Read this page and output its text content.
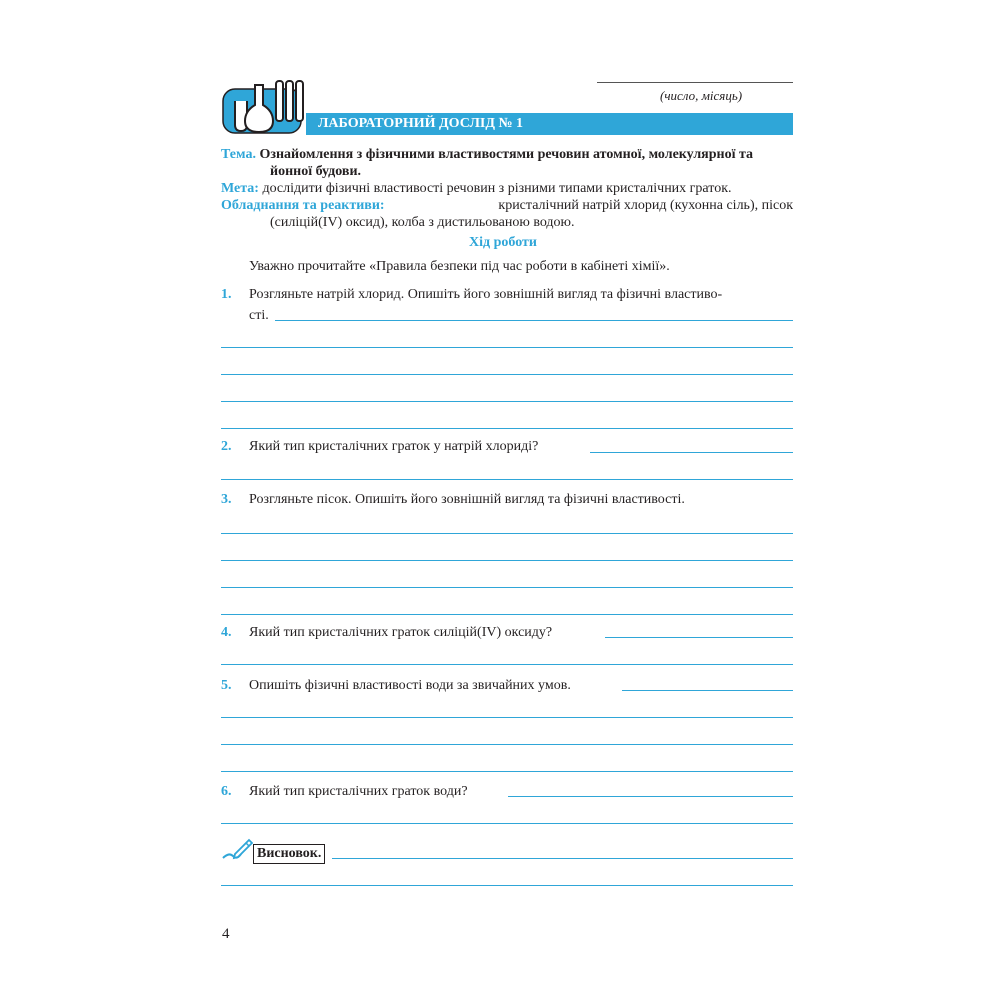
(число, місяць)
ЛАБОРАТОРНИЙ ДОСЛІД № 1
Тема. Ознайомлення з фізичними властивостями речовин атомної, молекулярної та
йонної будови.
Мета: дослідити фізичні властивості речовин з різними типами кристалічних граток.
Обладнання та реактиви:	кристалічний натрій хлорид (кухонна сіль), пісок
(силіцій(IV) оксид), колба з дистильованою водою.
Хід роботи
Уважно прочитайте «Правила безпеки під час роботи в кабінеті хімії».
1. Розгляньте натрій хлорид. Опишіть його зовнішній вигляд та фізичні властиво-
сті.
2. Який тип кристалічних граток у натрій хлориді?
3. Розгляньте пісок. Опишіть його зовнішній вигляд та фізичні властивості.
4. Який тип кристалічних граток силіцій(IV) оксиду?
5. Опишіть фізичні властивості води за звичайних умов.
6. Який тип кристалічних граток води?
Висновок.
4
